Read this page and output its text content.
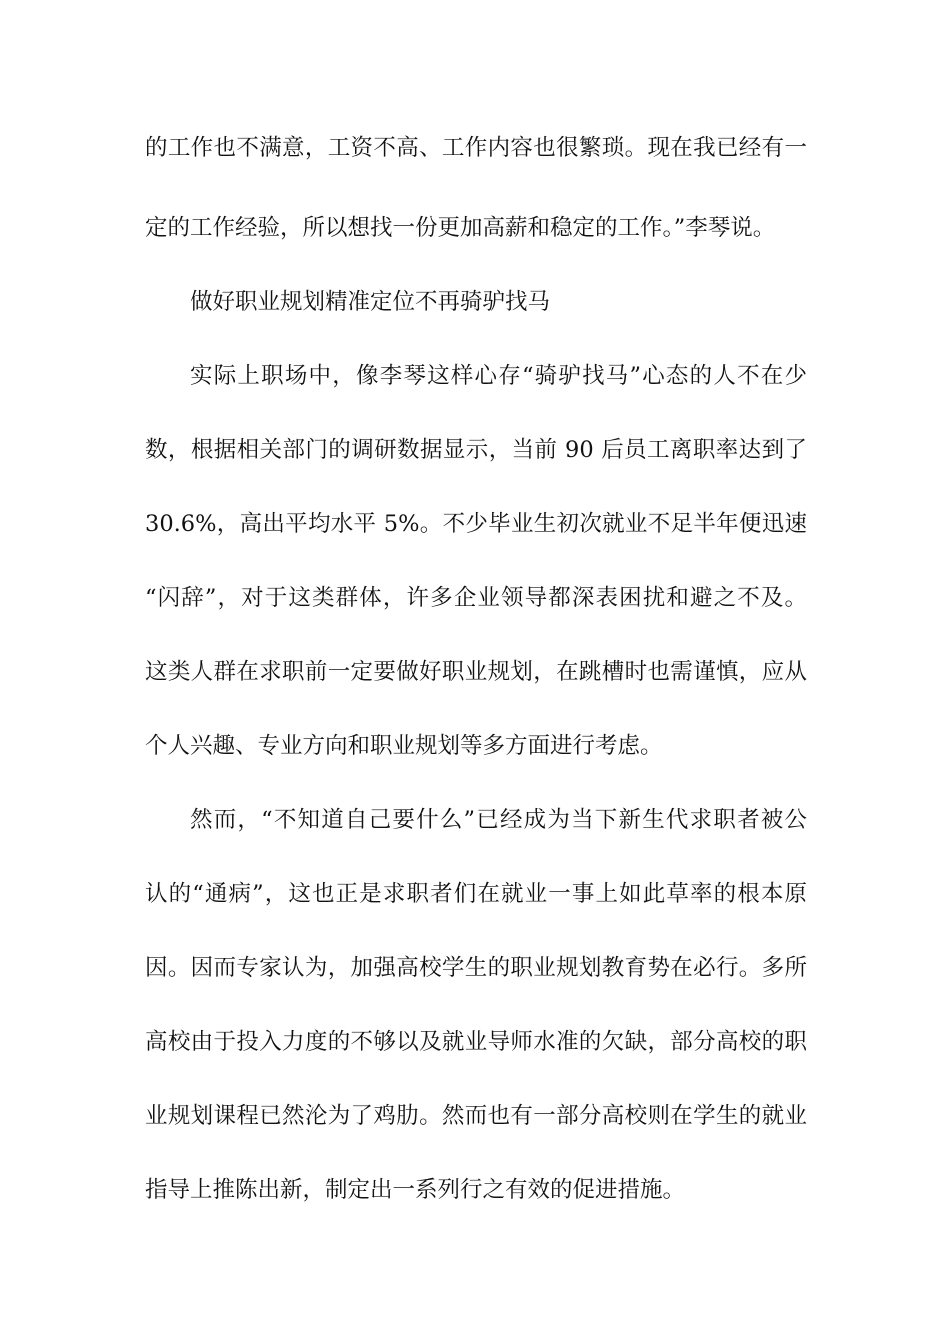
的工作也不满意，工资不高、工作内容也很繁琐。现在我已经有一
定的工作经验，所以想找一份更加高薪和稳定的工作。”李琴说。
做好职业规划精准定位不再骑驴找马
实际上职场中，像李琴这样心存“骑驴找马”心态的人不在少
数，根据相关部门的调研数据显示，当前 90 后员工离职率达到了
30.6%，高出平均水平 5%。不少毕业生初次就业不足半年便迅速
“闪辞”，对于这类群体，许多企业领导都深表困扰和避之不及。
这类人群在求职前一定要做好职业规划，在跳槽时也需谨慎，应从
个人兴趣、专业方向和职业规划等多方面进行考虑。
然而，“不知道自己要什么”已经成为当下新生代求职者被公
认的“通病”，这也正是求职者们在就业一事上如此草率的根本原
因。因而专家认为，加强高校学生的职业规划教育势在必行。多所
高校由于投入力度的不够以及就业导师水准的欠缺，部分高校的职
业规划课程已然沦为了鸡肋。然而也有一部分高校则在学生的就业
指导上推陈出新，制定出一系列行之有效的促进措施。
